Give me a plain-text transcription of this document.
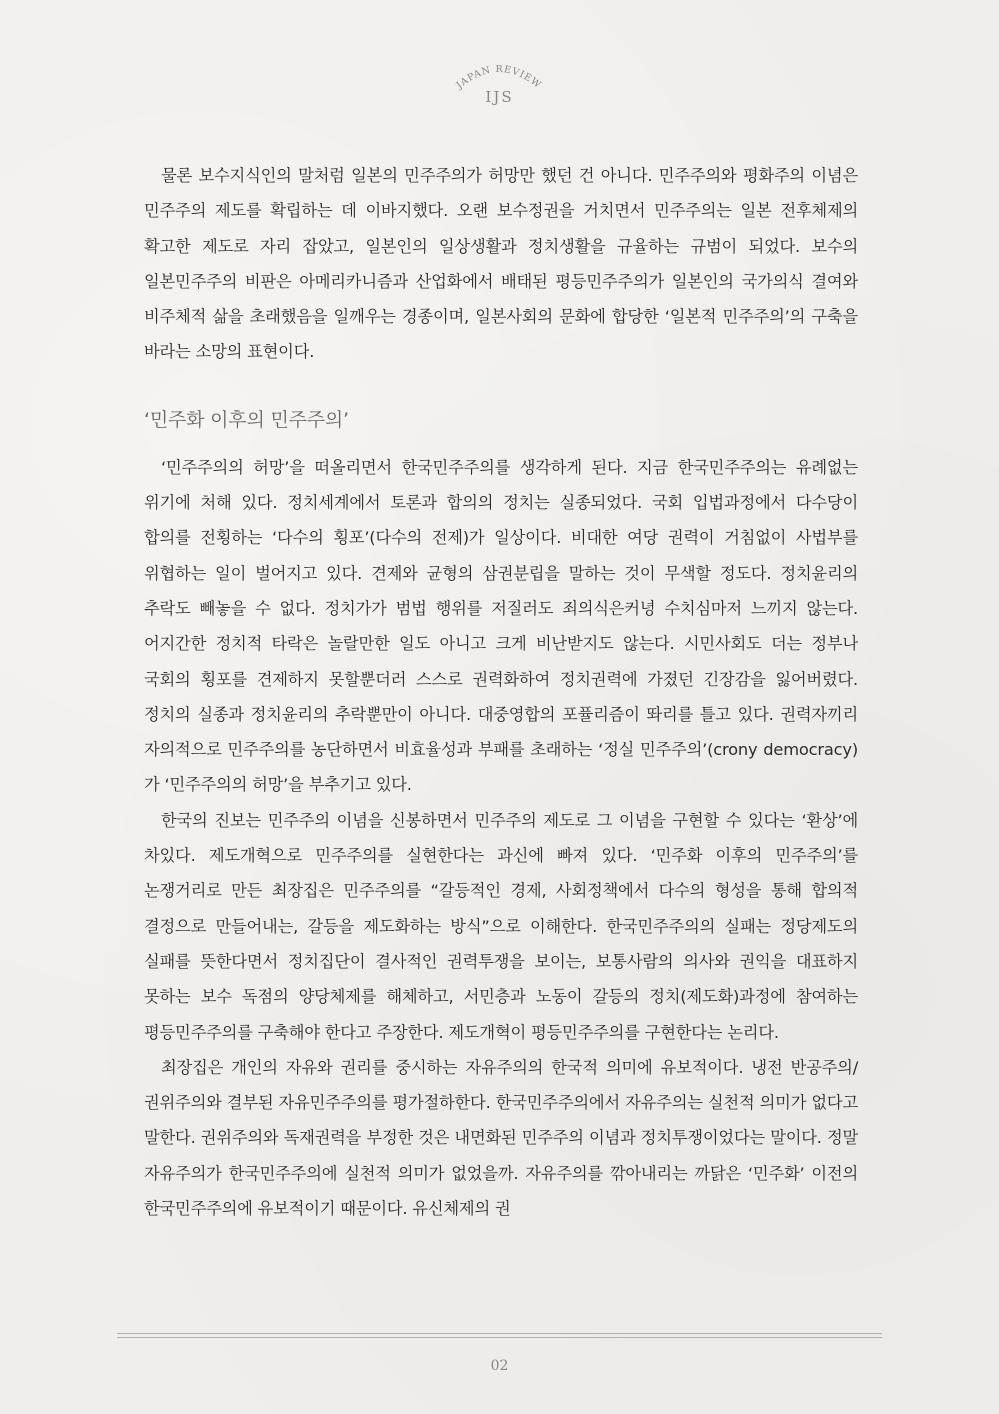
JAPAN REVIEW
IJS

물론 보수지식인의 말처럼 일본의 민주주의가 허망만 했던 건 아니다. 민주주의와 평화주의 이념은 민주주의 제도를 확립하는 데 이바지했다. 오랜 보수정권을 거치면서 민주주의는 일본 전후체제의 확고한 제도로 자리 잡았고, 일본인의 일상생활과 정치생활을 규율하는 규범이 되었다. 보수의 일본민주주의 비판은 아메리카니즘과 산업화에서 배태된 평등민주주의가 일본인의 국가의식 결여와 비주체적 삶을 초래했음을 일깨우는 경종이며, 일본사회의 문화에 합당한 ‘일본적 민주주의’의 구축을 바라는 소망의 표현이다.

‘민주화 이후의 민주주의’

‘민주주의의 허망’을 떠올리면서 한국민주주의를 생각하게 된다. 지금 한국민주주의는 유례없는 위기에 처해 있다. 정치세계에서 토론과 합의의 정치는 실종되었다. 국회 입법과정에서 다수당이 합의를 전횡하는 ‘다수의 횡포’(다수의 전제)가 일상이다. 비대한 여당 권력이 거침없이 사법부를 위협하는 일이 벌어지고 있다. 견제와 균형의 삼권분립을 말하는 것이 무색할 정도다. 정치윤리의 추락도 빼놓을 수 없다. 정치가가 범법 행위를 저질러도 죄의식은커녕 수치심마저 느끼지 않는다. 어지간한 정치적 타락은 놀랄만한 일도 아니고 크게 비난받지도 않는다. 시민사회도 더는 정부나 국회의 횡포를 견제하지 못할뿐더러 스스로 권력화하여 정치권력에 가졌던 긴장감을 잃어버렸다. 정치의 실종과 정치윤리의 추락뿐만이 아니다. 대중영합의 포퓰리즘이 똬리를 틀고 있다. 권력자끼리 자의적으로 민주주의를 농단하면서 비효율성과 부패를 초래하는 ‘정실 민주주의’(crony democracy)가 ‘민주주의의 허망’을 부추기고 있다.

한국의 진보는 민주주의 이념을 신봉하면서 민주주의 제도로 그 이념을 구현할 수 있다는 ‘환상’에 차있다. 제도개혁으로 민주주의를 실현한다는 과신에 빠져 있다. ‘민주화 이후의 민주주의’를 논쟁거리로 만든 최장집은 민주주의를 “갈등적인 경제, 사회정책에서 다수의 형성을 통해 합의적 결정으로 만들어내는, 갈등을 제도화하는 방식”으로 이해한다. 한국민주주의의 실패는 정당제도의 실패를 뜻한다면서 정치집단이 결사적인 권력투쟁을 보이는, 보통사람의 의사와 권익을 대표하지 못하는 보수 독점의 양당체제를 해체하고, 서민층과 노동이 갈등의 정치(제도화)과정에 참여하는 평등민주주의를 구축해야 한다고 주장한다. 제도개혁이 평등민주주의를 구현한다는 논리다.

최장집은 개인의 자유와 권리를 중시하는 자유주의의 한국적 의미에 유보적이다. 냉전 반공주의/권위주의와 결부된 자유민주주의를 평가절하한다. 한국민주주의에서 자유주의는 실천적 의미가 없다고 말한다. 권위주의와 독재권력을 부정한 것은 내면화된 민주주의 이념과 정치투쟁이었다는 말이다. 정말 자유주의가 한국민주주의에 실천적 의미가 없었을까. 자유주의를 깎아내리는 까닭은 ‘민주화’ 이전의 한국민주주의에 유보적이기 때문이다. 유신체제의 권

02
